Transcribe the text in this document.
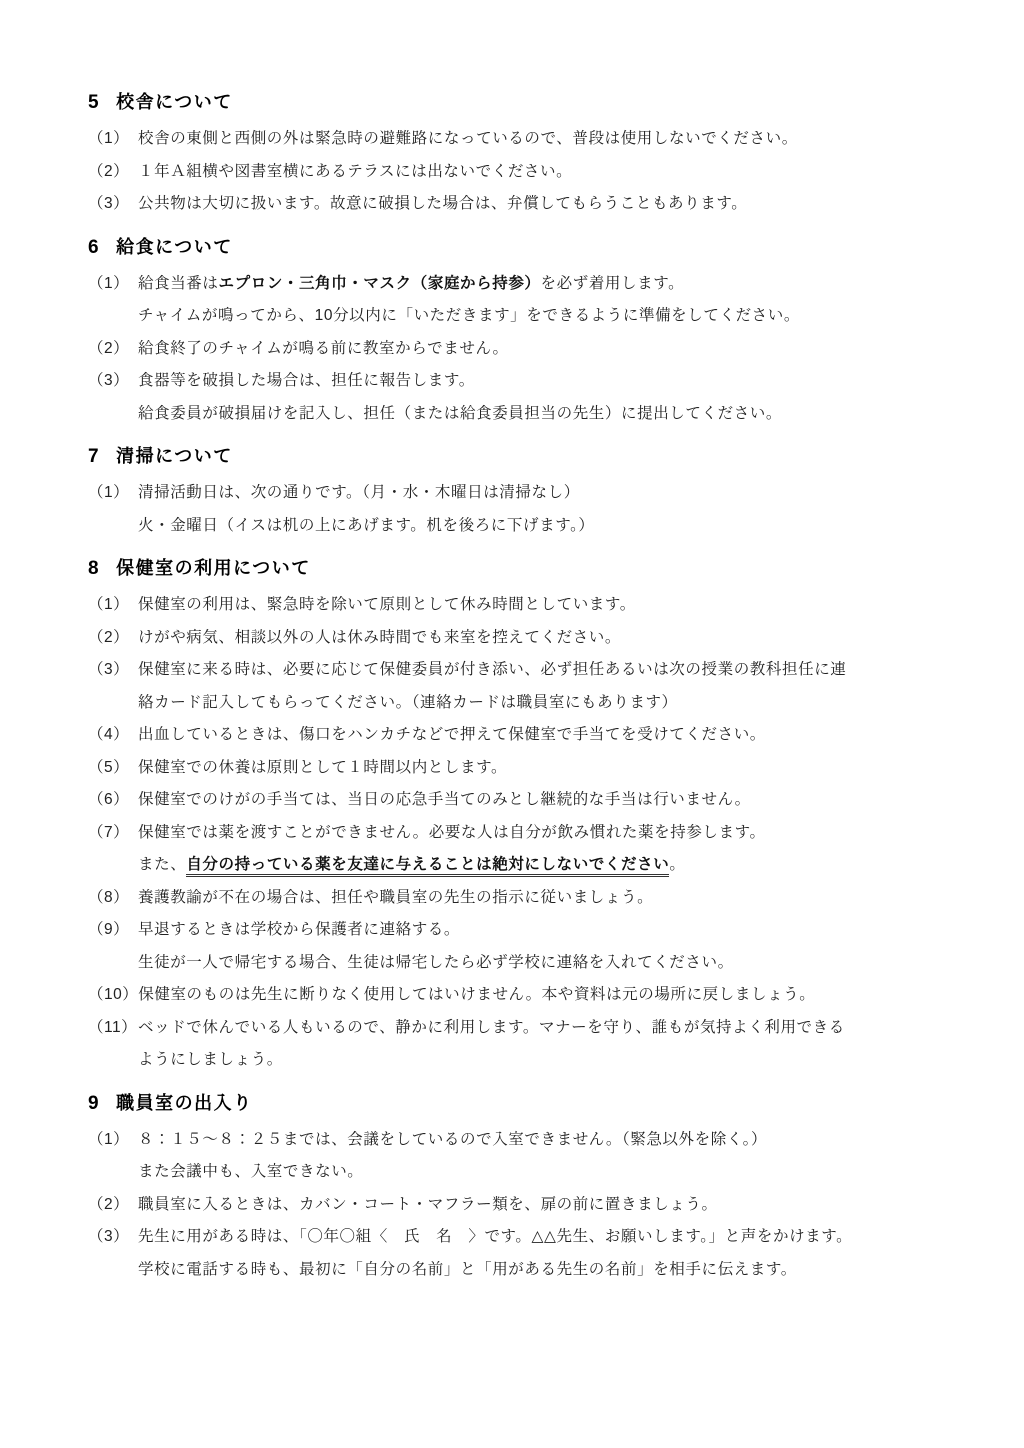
5 校舎について
（1） 校舎の東側と西側の外は緊急時の避難路になっているので、普段は使用しないでください。
（2） １年Ａ組横や図書室横にあるテラスには出ないでください。
（3） 公共物は大切に扱います。故意に破損した場合は、弁償してもらうこともあります。
6 給食について
（1） 給食当番はエプロン・三角巾・マスク（家庭から持参）を必ず着用します。
チャイムが鳴ってから、10分以内に「いただきます」をできるように準備をしてください。
（2） 給食終了のチャイムが鳴る前に教室からでません。
（3） 食器等を破損した場合は、担任に報告します。
給食委員が破損届けを記入し、担任（または給食委員担当の先生）に提出してください。
7 清掃について
（1） 清掃活動日は、次の通りです。（月・水・木曜日は清掃なし）
火・金曜日（イスは机の上にあげます。机を後ろに下げます。）
8 保健室の利用について
（1） 保健室の利用は、緊急時を除いて原則として休み時間としています。
（2） けがや病気、相談以外の人は休み時間でも来室を控えてください。
（3） 保健室に来る時は、必要に応じて保健委員が付き添い、必ず担任あるいは次の授業の教科担任に連
絡カード記入してもらってください。（連絡カードは職員室にもあります）
（4） 出血しているときは、傷口をハンカチなどで押えて保健室で手当てを受けてください。
（5） 保健室での休養は原則として１時間以内とします。
（6） 保健室でのけがの手当ては、当日の応急手当てのみとし継続的な手当は行いません。
（7） 保健室では薬を渡すことができません。必要な人は自分が飲み慣れた薬を持参します。
また、自分の持っている薬を友達に与えることは絶対にしないでください。
（8） 養護教諭が不在の場合は、担任や職員室の先生の指示に従いましょう。
（9） 早退するときは学校から保護者に連絡する。
生徒が一人で帰宅する場合、生徒は帰宅したら必ず学校に連絡を入れてください。
（10） 保健室のものは先生に断りなく使用してはいけません。本や資料は元の場所に戻しましょう。
（11） ベッドで休んでいる人もいるので、静かに利用します。マナーを守り、誰もが気持よく利用できる
ようにしましょう。
9 職員室の出入り
（1） ８：１５～８：２５までは、会議をしているので入室できません。（緊急以外を除く。）
また会議中も、入室できない。
（2） 職員室に入るときは、カバン・コート・マフラー類を、扉の前に置きましょう。
（3） 先生に用がある時は、「〇年〇組〈　氏　名　〉です。△△先生、お願いします。」と声をかけます。
学校に電話する時も、最初に「自分の名前」と「用がある先生の名前」を相手に伝えます。
